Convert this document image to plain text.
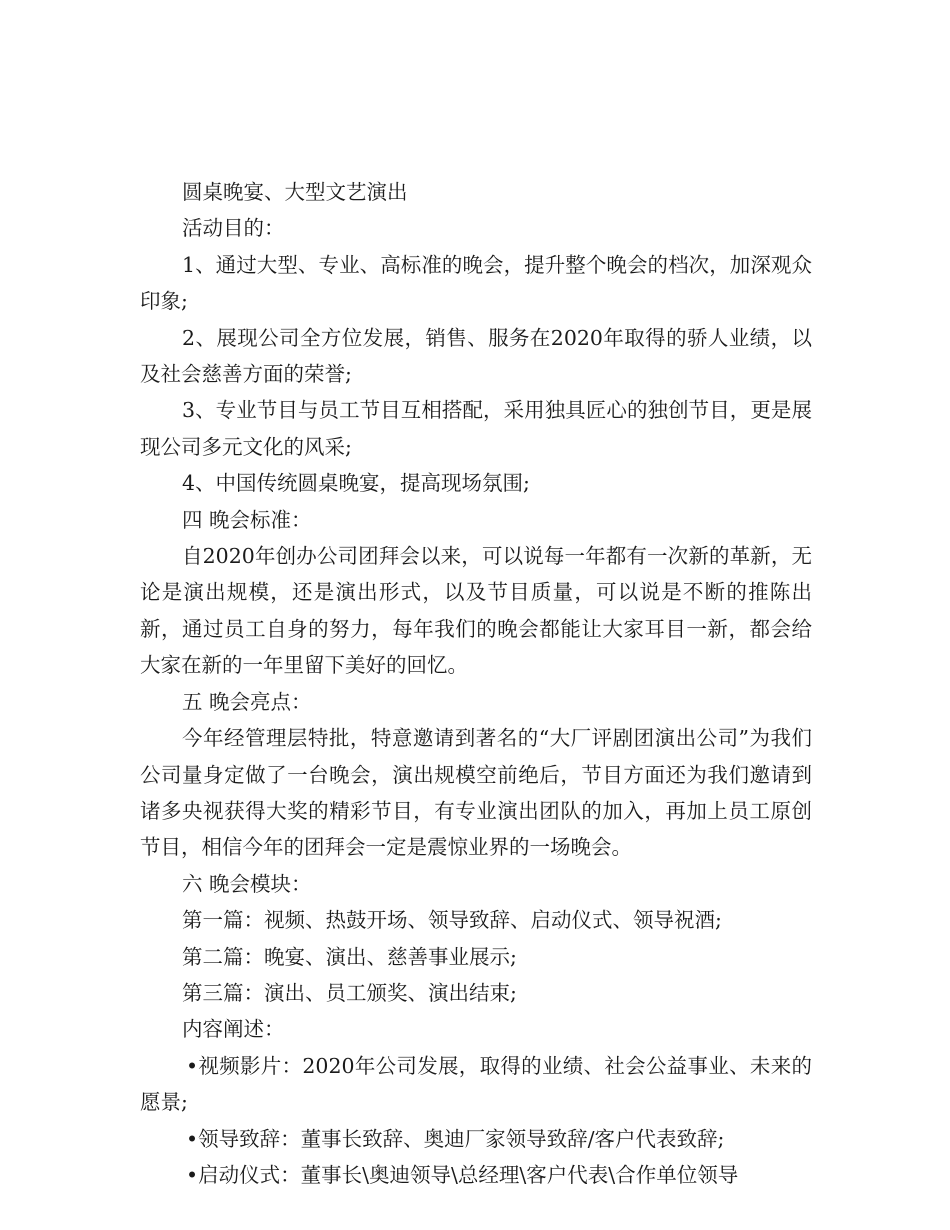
圆桌晚宴、大型文艺演出

活动目的：

1、通过大型、专业、高标准的晚会，提升整个晚会的档次，加深观众印象;

2、展现公司全方位发展，销售、服务在2020年取得的骄人业绩，以及社会慈善方面的荣誉;

3、专业节目与员工节目互相搭配，采用独具匠心的独创节目，更是展现公司多元文化的风采;

4、中国传统圆桌晚宴，提高现场氛围;

四 晚会标准：

自2020年创办公司团拜会以来，可以说每一年都有一次新的革新，无论是演出规模，还是演出形式，以及节目质量，可以说是不断的推陈出新，通过员工自身的努力，每年我们的晚会都能让大家耳目一新，都会给大家在新的一年里留下美好的回忆。

五 晚会亮点：

今年经管理层特批，特意邀请到著名的“大厂评剧团演出公司”为我们公司量身定做了一台晚会，演出规模空前绝后，节目方面还为我们邀请到诸多央视获得大奖的精彩节目，有专业演出团队的加入，再加上员工原创节目，相信今年的团拜会一定是震惊业界的一场晚会。

六 晚会模块：

第一篇：视频、热鼓开场、领导致辞、启动仪式、领导祝酒;

第二篇：晚宴、演出、慈善事业展示;

第三篇：演出、员工颁奖、演出结束;

内容阐述：

•视频影片：2020年公司发展，取得的业绩、社会公益事业、未来的愿景;

•领导致辞：董事长致辞、奥迪厂家领导致辞/客户代表致辞;

•启动仪式：董事长\奥迪领导\总经理\客户代表\合作单位领导
